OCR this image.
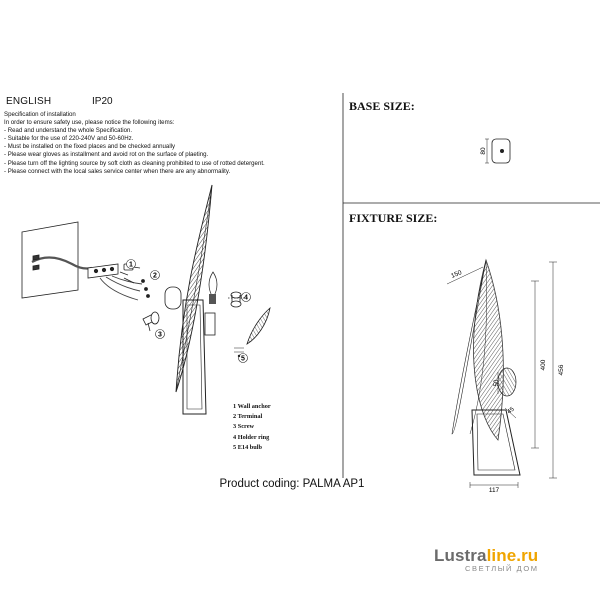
ENGLISH	IP20
Specification of installation
In order to ensure safety use, please notice the following items:
- Read and understand the whole Specification.
- Suitable for the use of 220-240V and 50-60Hz.
- Must be installed on the fixed places and be checked annually
- Please wear gloves as installment and avoid rot on the surface of plaeting.
- Please turn off the lighting source by soft cloth as cleaning prohibited to use of rotted detergent.
- Please connect with the local sales service center when there are any abnormality.
BASE SIZE:
FIXTURE SIZE:
80
1
2
3
4
5
150
400 456
50
45
117
1 Wall anchor
2 Terminal
3 Screw
4 Holder ring
5 E14 bulb
Product coding: PALMA AP1
Lustraline.ru
СВЕТЛЫЙ ДОМ
